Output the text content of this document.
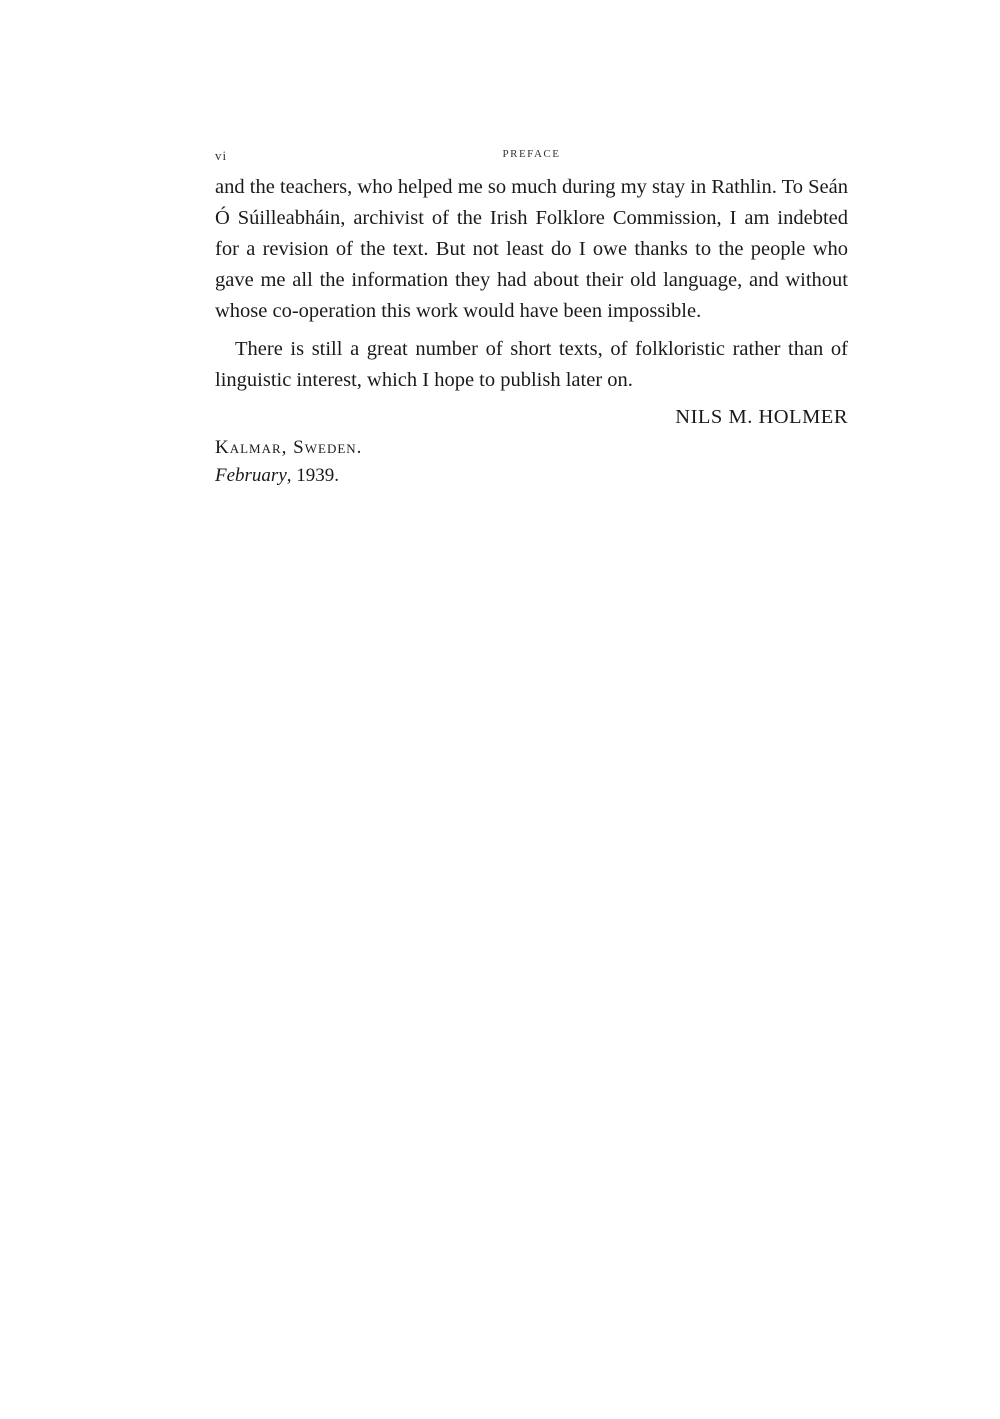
vi	PREFACE

and the teachers, who helped me so much during my stay in Rathlin. To Seán Ó Súilleabháin, archivist of the Irish Folklore Commission, I am indebted for a revision of the text. But not least do I owe thanks to the people who gave me all the information they had about their old language, and without whose co-operation this work would have been impossible.

There is still a great number of short texts, of folkloristic rather than of linguistic interest, which I hope to publish later on.

NILS M. HOLMER
Kalmar, Sweden.
February, 1939.
